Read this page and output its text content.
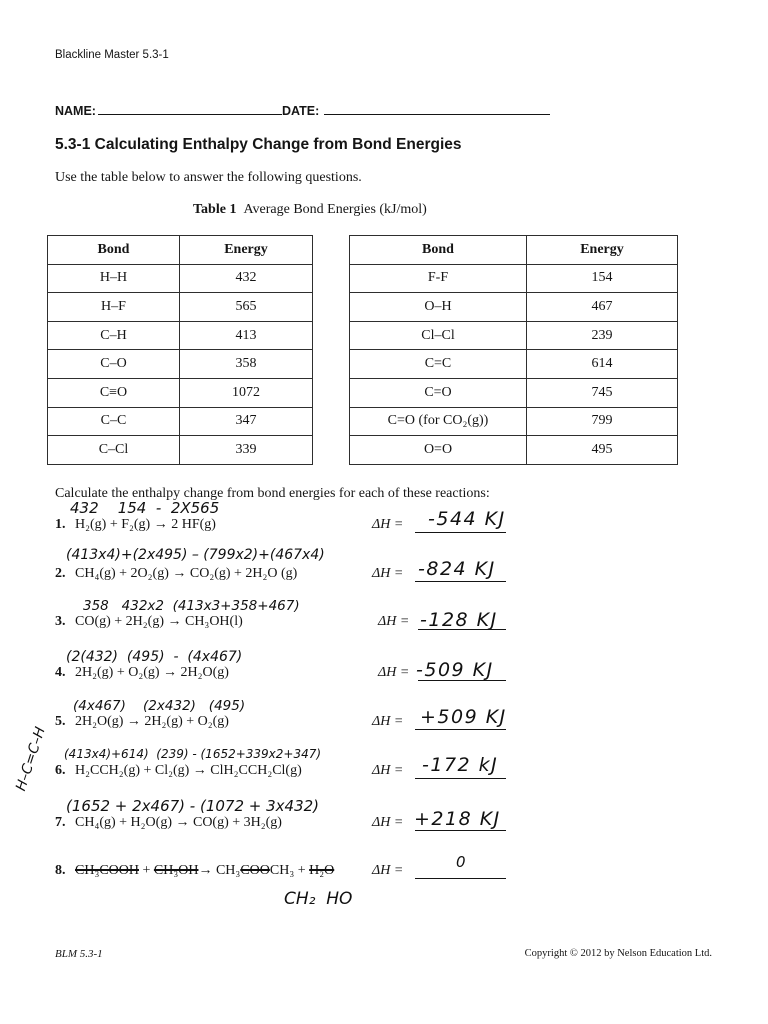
Blackline Master 5.3-1
NAME:	DATE:
5.3-1 Calculating Enthalpy Change from Bond Energies
Use the table below to answer the following questions.
Table 1 Average Bond Energies (kJ/mol)
Bond	Energy
H–H	432
H–F	565
C–H	413
C–O	358
C≡O	1072
C–C	347
C–Cl	339
Bond	Energy
F-F	154
O–H	467
Cl–Cl	239
C=C	614
C=O	745
C=O (for CO₂(g))	799
O=O	495
Calculate the enthalpy change from bond energies for each of these reactions:
1. H₂(g) + F₂(g) → 2 HF(g)	ΔH =
432    154  -  2X565	-544 KJ
2. CH₄(g) + 2O₂(g) → CO₂(g) + 2H₂O (g)	ΔH =
(413x4)+(2x495) – (799x2)+(467x4)
-824 KJ
3. CO(g) + 2H₂(g) → CH₃OH(l)	ΔH =
358   432x2  (413x3+358+467)
-128 KJ
4. 2H₂(g) + O₂(g) → 2H₂O(g)	ΔH =
(2(432)  (495)  -  (4x467)
-509 KJ
5. 2H₂O(g) → 2H₂(g) + O₂(g)	ΔH =
(4x467)    (2x432)   (495)	+509 KJ
6. H₂CCH₂(g) + Cl₂(g) → ClH₂CCH₂Cl(g)	ΔH =
(413x4)+614)  (239) - (1652+339x2+347)	-172 kJ
H–C=C–H
7. CH₄(g) + H₂O(g) → CO(g) + 3H₂(g)	ΔH =
(1652 + 2x467) - (1072 + 3x432)
+218 KJ
8. CH₃COOH + CH₃OH→ CH₃COOCH₃ + H₂O	ΔH =	0
CH₂  HO
BLM 5.3-1	Copyright © 2012 by Nelson Education Ltd.
